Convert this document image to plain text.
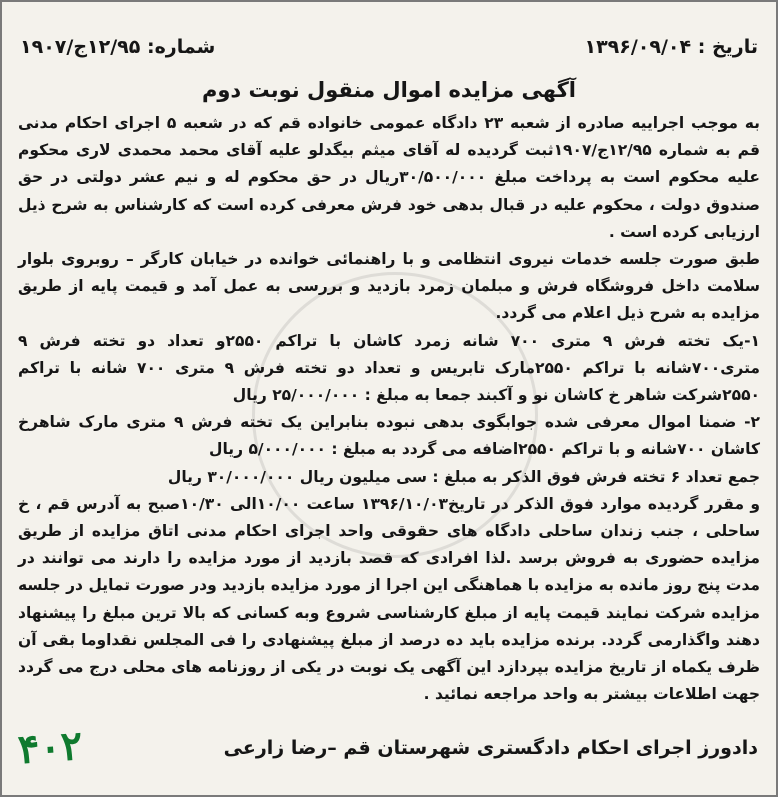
تاریخ : ۱۳۹۶/۰۹/۰۴
شماره: ۱۲/۹۵ج/۱۹۰۷
آگهی مزایده اموال منقول نوبت دوم

به موجب اجراییه صادره از شعبه ۲۳ دادگاه عمومی خانواده قم که در شعبه ۵ اجرای احکام مدنی قم به شماره ۱۲/۹۵ج/۱۹۰۷ثبت گردیده له آقای میثم بیگدلو علیه آقای محمد محمدی لاری محکوم علیه محکوم است به پرداخت مبلغ ۳۰/۵۰۰/۰۰۰ریال در حق محکوم له و نیم عشر دولتی در حق صندوق دولت ، محکوم علیه در قبال بدهی خود فرش معرفی کرده است که کارشناس به شرح ذیل ارزیابی کرده است .

طبق صورت جلسه خدمات نیروی انتظامی و با راهنمائی خوانده در خیابان کارگر – روبروی بلوار سلامت داخل فروشگاه فرش و مبلمان زمرد بازدید و بررسی به عمل آمد و قیمت پایه از طریق مزایده به شرح ذیل اعلام می گردد.

۱-یک تخته فرش ۹ متری ۷۰۰ شانه زمرد کاشان با تراکم ۲۵۵۰و تعداد دو تخته فرش ۹ متری۷۰۰شانه با تراکم ۲۵۵۰مارک تابریس و تعداد دو تخته فرش ۹ متری ۷۰۰ شانه با تراکم ۲۵۵۰شرکت شاهر خ کاشان نو و آکبند جمعا به مبلغ : ۲۵/۰۰۰/۰۰۰ ریال

۲- ضمنا اموال معرفی شده جوابگوی بدهی نبوده بنابراین یک تخته فرش ۹ متری مارک شاهرخ کاشان ۷۰۰شانه و با تراکم ۲۵۵۰اضافه می گردد به مبلغ : ۵/۰۰۰/۰۰۰ ریال

جمع تعداد ۶ تخته فرش فوق الذکر به مبلغ : سی میلیون ریال ۳۰/۰۰۰/۰۰۰ ریال

و مقرر گردیده موارد فوق الذکر در تاریخ۱۳۹۶/۱۰/۰۳ ساعت ۱۰/۰۰الی ۱۰/۳۰صبح به آدرس قم ، خ ساحلی ، جنب زندان ساحلی دادگاه های حقوقی واحد اجرای احکام مدنی اتاق مزایده از طریق مزایده حضوری به فروش برسد .لذا افرادی که قصد بازدید از مورد مزایده را دارند می توانند در مدت پنج روز مانده به مزایده با هماهنگی این اجرا از مورد مزایده بازدید ودر صورت تمایل در جلسه مزایده شرکت نمایند قیمت پایه از مبلغ کارشناسی شروع وبه کسانی که بالا ترین مبلغ را پیشنهاد دهند واگذارمی گردد. برنده مزایده باید ده درصد از مبلغ پیشنهادی را فی المجلس نقداوما بقی آن ظرف یکماه از تاریخ مزایده بپردازد این آگهی یک نوبت در یکی از روزنامه های محلی درج می گردد جهت اطلاعات بیشتر به واحد مراجعه نمائید .

دادورز اجرای احکام دادگستری شهرستان قم –رضا زارعی
۴۰۲
